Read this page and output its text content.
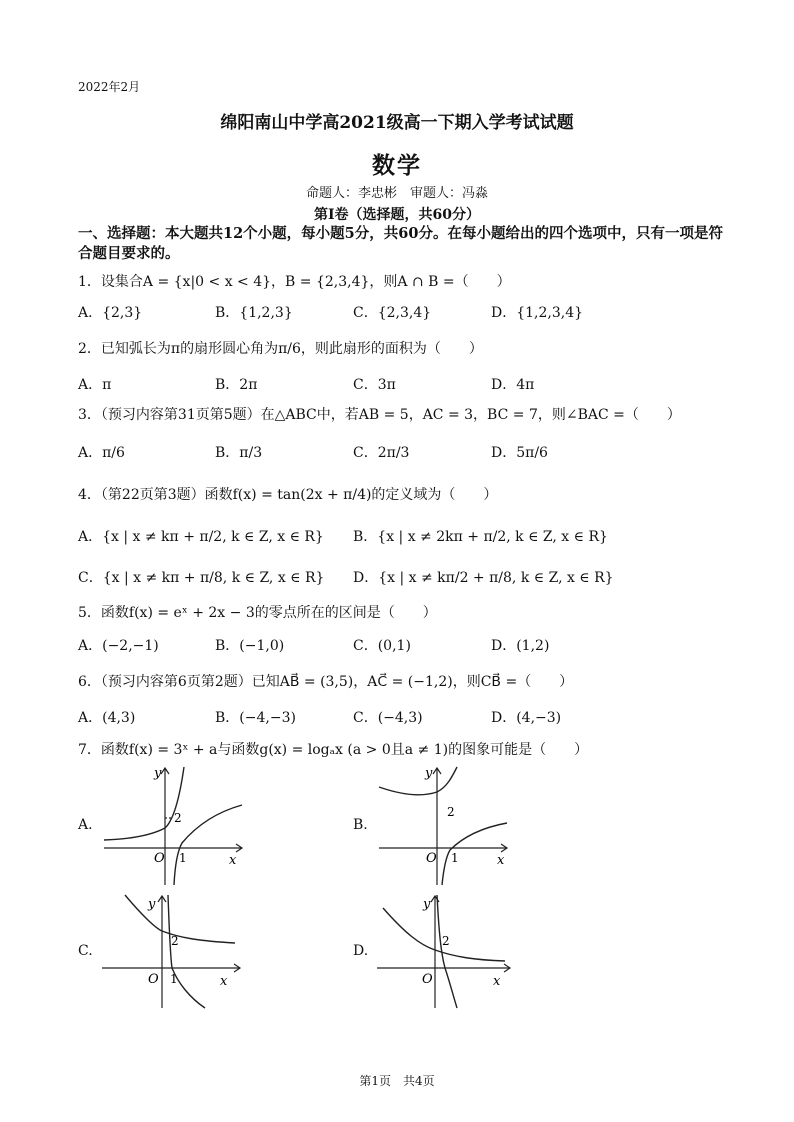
2022年2月
绵阳南山中学高2021级高一下期入学考试试题
数学
命题人：李忠彬　审题人：冯淼
第Ⅰ卷（选择题，共60分）
一、选择题：本大题共12个小题，每小题5分，共60分。在每小题给出的四个选项中，只有一项是符合题目要求的。
1．设集合A = {x|0 < x < 4}，B = {2,3,4}，则A ∩ B =（　　）
A．{2,3}	B．{1,2,3}	C．{2,3,4}	D．{1,2,3,4}
2．已知弧长为π的扇形圆心角为π/6，则此扇形的面积为（　　）
A．π	B．2π	C．3π	D．4π
3．（预习内容第31页第5题）在△ABC中，若AB = 5，AC = 3，BC = 7，则∠BAC =（　　）
A．π/6	B．π/3	C．2π/3	D．5π/6
4．（第22页第3题）函数f(x) = tan(2x + π/4)的定义域为（　　）
A．{x | x ≠ kπ + π/2, k ∈ Z, x ∈ R} B．{x | x ≠ 2kπ + π/2, k ∈ Z, x ∈ R}
C．{x | x ≠ kπ + π/8, k ∈ Z, x ∈ R} D．{x | x ≠ kπ/2 + π/8, k ∈ Z, x ∈ R}
5．函数f(x) = eˣ + 2x − 3的零点所在的区间是（　　）
A．(−2,−1)	B．(−1,0)	C．(0,1)	D．(1,2)
6．（预习内容第6页第2题）已知AB⃗ = (3,5)，AC⃗ = (−1,2)，则CB⃗ =（　　）
A．(4,3)	B．(−4,−3)	C．(−4,3)	D．(4,−3)
7．函数f(x) = 3ˣ + a与函数g(x) = logₐx (a > 0且a ≠ 1)的图象可能是（　　）
A.	B.
C.	D.
y
x
O
2
1
y
x
O
2
1
y
x
O
2
1
y
x
O
2
第1页　共4页
